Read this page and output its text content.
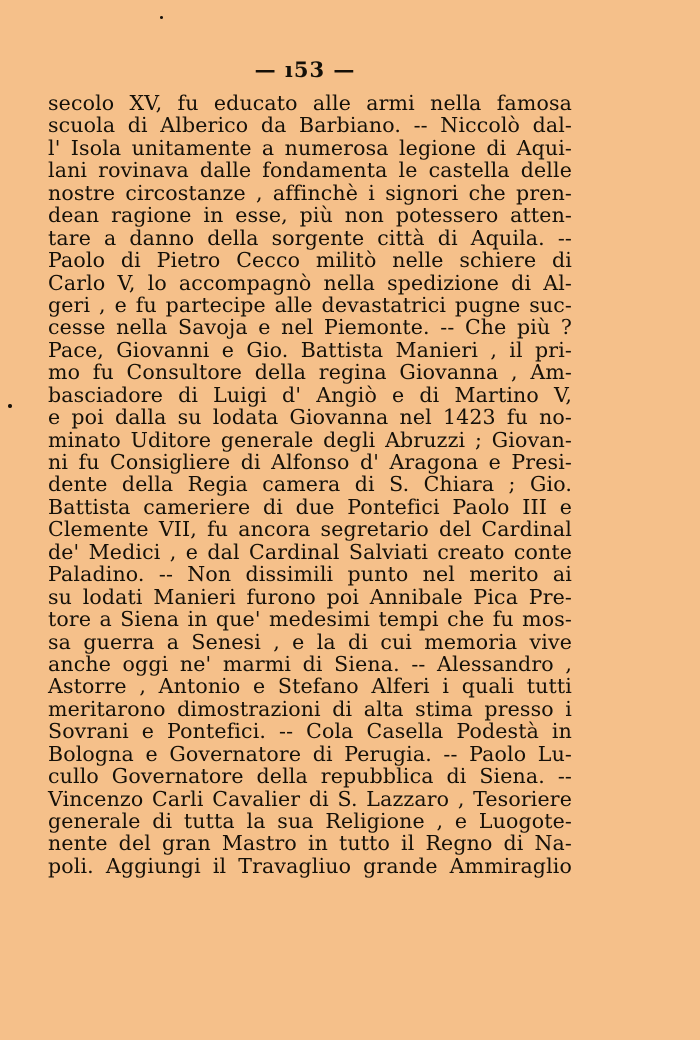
— ı53 —
secolo XV, fu educato alle armi nella famosa
scuola di Alberico da Barbiano. -- Niccolò dal-
l' Isola unitamente a numerosa legione di Aqui-
lani rovinava dalle fondamenta le castella delle
nostre circostanze , affinchè i signori che pren-
dean ragione in esse, più non potessero atten-
tare a danno della sorgente città di Aquila. --
Paolo di Pietro Cecco militò nelle schiere di
Carlo V, lo accompagnò nella spedizione di Al-
geri , e fu partecipe alle devastatrici pugne suc-
cesse nella Savoja e nel Piemonte. -- Che più ?
Pace, Giovanni e Gio. Battista Manieri , il pri-
mo fu Consultore della regina Giovanna , Am-
basciadore di Luigi d' Angiò e di Martino V,
e poi dalla su lodata Giovanna nel 1423 fu no-
minato Uditore generale degli Abruzzi ; Giovan-
ni fu Consigliere di Alfonso d' Aragona e Presi-
dente della Regia camera di S. Chiara ; Gio.
Battista cameriere di due Pontefici Paolo III e
Clemente VII, fu ancora segretario del Cardinal
de' Medici , e dal Cardinal Salviati creato conte
Paladino. -- Non dissimili punto nel merito ai
su lodati Manieri furono poi Annibale Pica Pre-
tore a Siena in que' medesimi tempi che fu mos-
sa guerra a Senesi , e la di cui memoria vive
anche oggi ne' marmi di Siena. -- Alessandro ,
Astorre , Antonio e Stefano Alferi i quali tutti
meritarono dimostrazioni di alta stima presso i
Sovrani e Pontefici. -- Cola Casella Podestà in
Bologna e Governatore di Perugia. -- Paolo Lu-
cullo Governatore della repubblica di Siena. --
Vincenzo Carli Cavalier di S. Lazzaro , Tesoriere
generale di tutta la sua Religione , e Luogote-
nente del gran Mastro in tutto il Regno di Na-
poli. Aggiungi il Travagliuo grande Ammiraglio
